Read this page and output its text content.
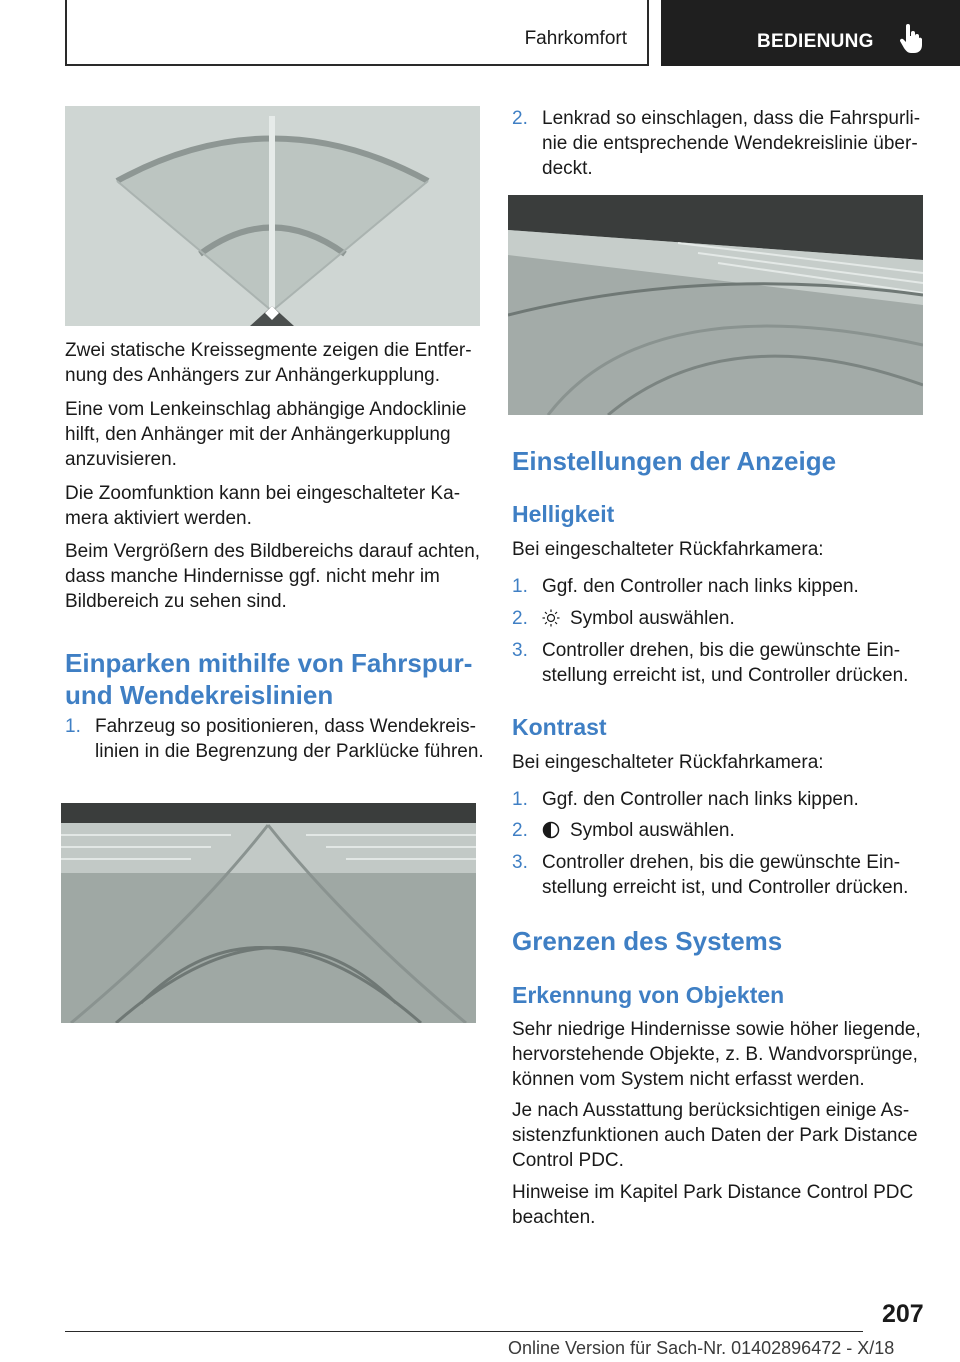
Fahrkomfort	BEDIENUNG

Zwei statische Kreissegmente zeigen die Entfernung des Anhängers zur Anhängerkupplung.

Eine vom Lenkeinschlag abhängige Andocklinie hilft, den Anhänger mit der Anhängerkupplung anzuvisieren.

Die Zoomfunktion kann bei eingeschalteter Kamera aktiviert werden.

Beim Vergrößern des Bildbereichs darauf achten, dass manche Hindernisse ggf. nicht mehr im Bildbereich zu sehen sind.

Einparken mithilfe von Fahrspur- und Wendekreislinien
1. Fahrzeug so positionieren, dass Wendekreislinien in die Begrenzung der Parklücke führen.
2. Lenkrad so einschlagen, dass die Fahrspurlinie die entsprechende Wendekreislinie überdeckt.
Einstellungen der Anzeige
Helligkeit

Bei eingeschalteter Rückfahrkamera:

1. Ggf. den Controller nach links kippen.
2.	Symbol auswählen.
3. Controller drehen, bis die gewünschte Einstellung erreicht ist, und Controller drücken.
Kontrast

Bei eingeschalteter Rückfahrkamera:

1. Ggf. den Controller nach links kippen.
2.	Symbol auswählen.
3. Controller drehen, bis die gewünschte Einstellung erreicht ist, und Controller drücken.
Grenzen des Systems
Erkennung von Objekten

Sehr niedrige Hindernisse sowie höher liegende, hervorstehende Objekte, z. B. Wandvorsprünge, können vom System nicht erfasst werden.

Je nach Ausstattung berücksichtigen einige Assistenzfunktionen auch Daten der Park Distance Control PDC.

Hinweise im Kapitel Park Distance Control PDC beachten.

207
Online Version für Sach-Nr. 01402896472 - X/18
